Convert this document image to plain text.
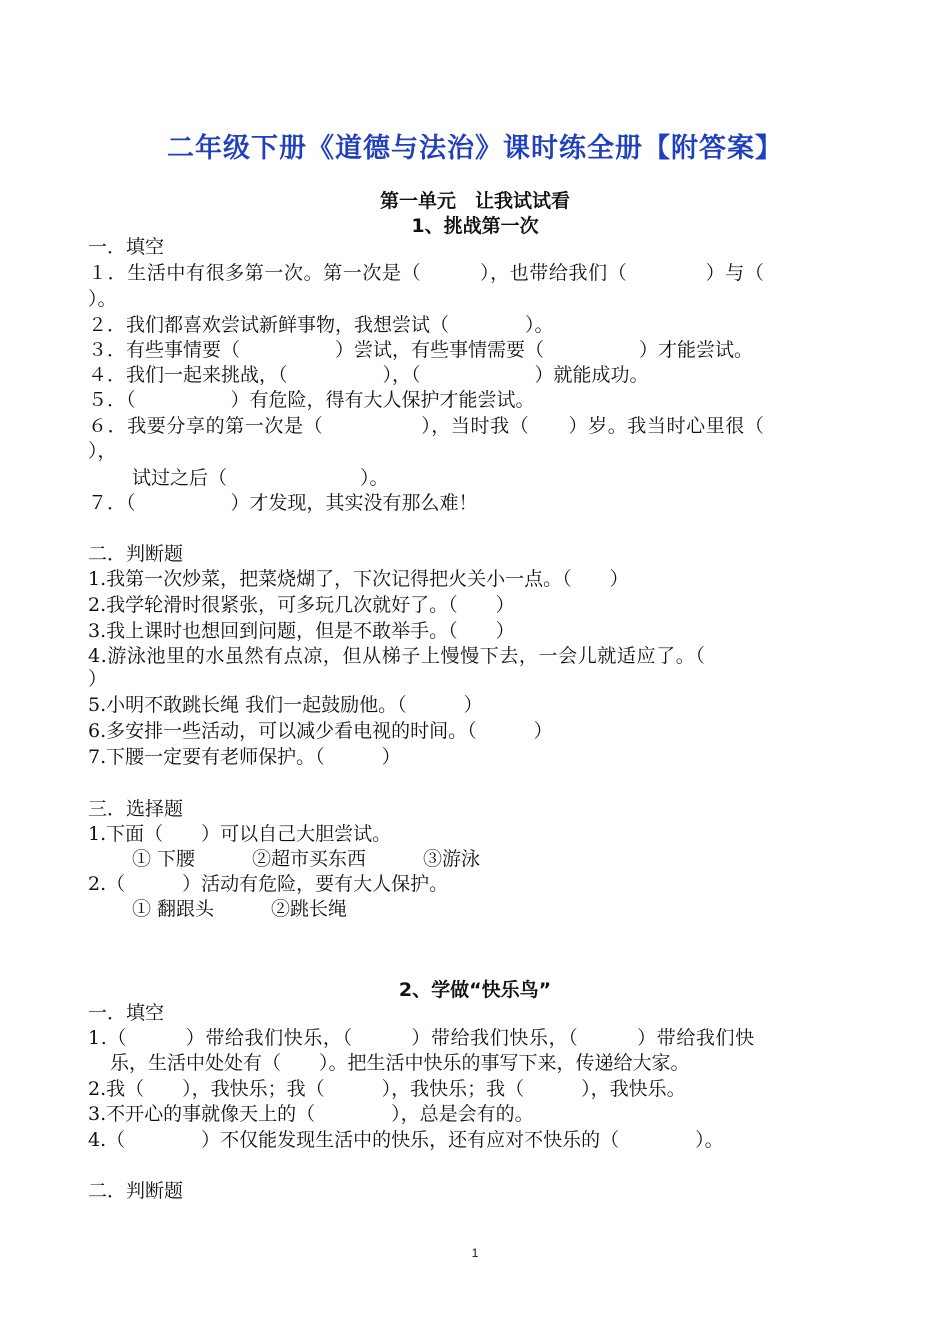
二年级下册《道德与法治》课时练全册【附答案】
第一单元　让我试试看
1、挑战第一次
一．填空
１．生活中有很多第一次。第一次是（　　　），也带给我们（　　　　）与（
）。
２．我们都喜欢尝试新鲜事物，我想尝试（　　　　）。
３．有些事情要（　　　　　）尝试，有些事情需要（　　　　　）才能尝试。
４．我们一起来挑战，（　　　　　），（　　　　　　）就能成功。
５．（　　　　　）有危险，得有大人保护才能尝试。
６．我要分享的第一次是（　　　　　），当时我（　　）岁。我当时心里很（
），
试过之后（　　　　　　　）。
７．（　　　　　）才发现，其实没有那么难！
二．判断题
1.我第一次炒菜，把菜烧煳了，下次记得把火关小一点。（　　）
2.我学轮滑时很紧张，可多玩几次就好了。（　　）
3.我上课时也想回到问题，但是不敢举手。（　　）
4.游泳池里的水虽然有点凉，但从梯子上慢慢下去，一会儿就适应了。（
）
5.小明不敢跳长绳 我们一起鼓励他。（　　　）
6.多安排一些活动，可以减少看电视的时间。（　　　）
7.下腰一定要有老师保护。（　　　）
三．选择题
1.下面（　　）可以自己大胆尝试。
① 下腰　　　②超市买东西　　　③游泳
2.（　　　）活动有危险，要有大人保护。
① 翻跟头　　　②跳长绳
2、学做“快乐鸟”
一．填空
1.（　　　）带给我们快乐，（　　　）带给我们快乐，（　　　）带给我们快
乐，生活中处处有（　　）。把生活中快乐的事写下来，传递给大家。
2.我（　　），我快乐；我（　　　），我快乐；我（　　　），我快乐。
3.不开心的事就像天上的（　　　　），总是会有的。
4.（　　　　）不仅能发现生活中的快乐，还有应对不快乐的（　　　　）。
二．判断题
1
